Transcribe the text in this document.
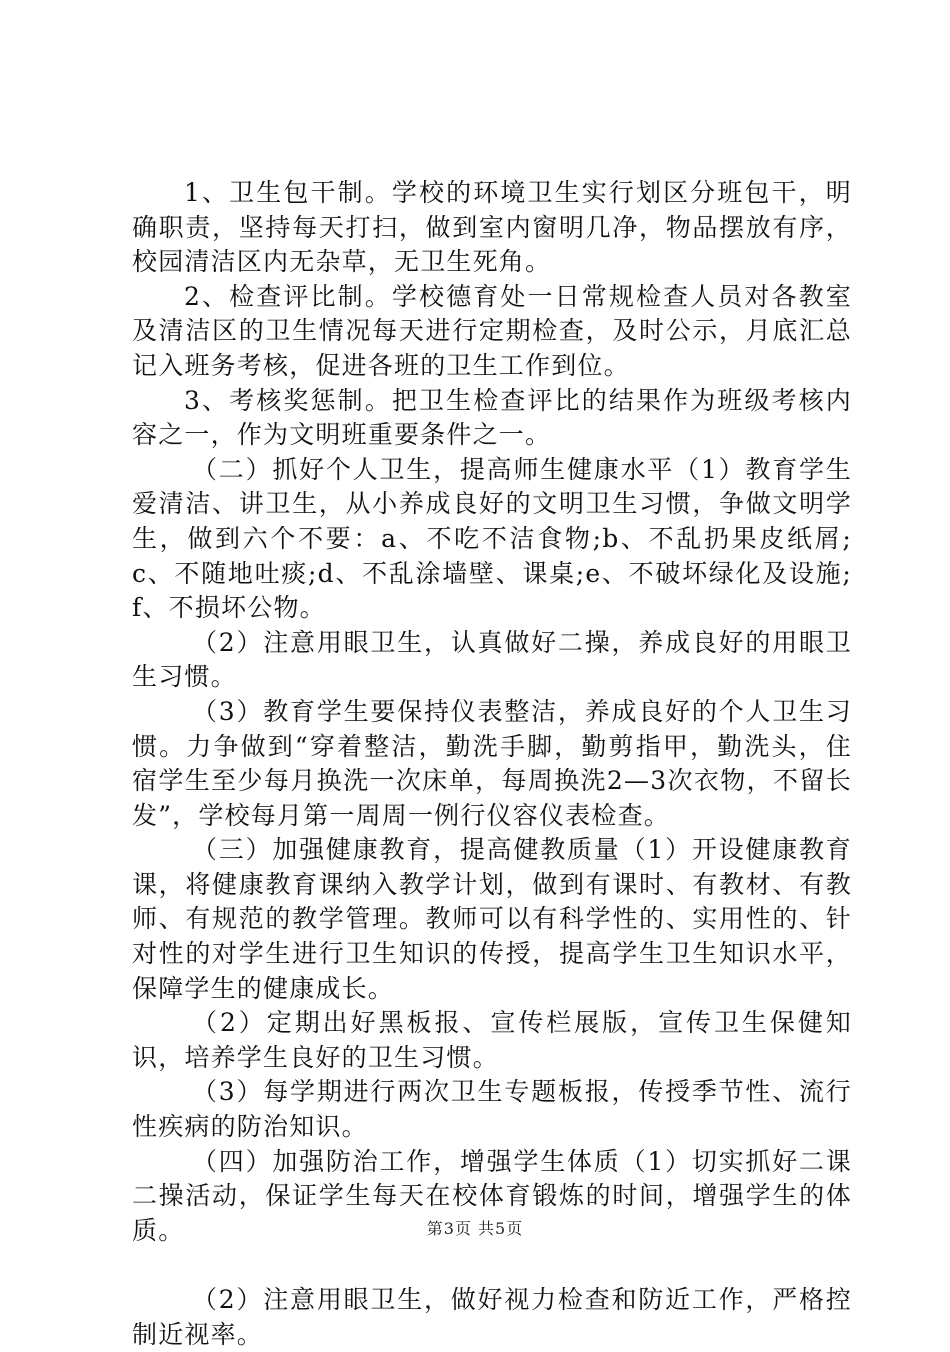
1、卫生包干制。学校的环境卫生实行划区分班包干，明确职责，坚持每天打扫，做到室内窗明几净，物品摆放有序，校园清洁区内无杂草，无卫生死角。

2、检查评比制。学校德育处一日常规检查人员对各教室及清洁区的卫生情况每天进行定期检查，及时公示，月底汇总记入班务考核，促进各班的卫生工作到位。

3、考核奖惩制。把卫生检查评比的结果作为班级考核内容之一，作为文明班重要条件之一。

（二）抓好个人卫生，提高师生健康水平（1）教育学生爱清洁、讲卫生，从小养成良好的文明卫生习惯，争做文明学生，做到六个不要：a、不吃不洁食物;b、不乱扔果皮纸屑;c、不随地吐痰;d、不乱涂墙壁、课桌;e、不破坏绿化及设施;f、不损坏公物。

（2）注意用眼卫生，认真做好二操，养成良好的用眼卫生习惯。

（3）教育学生要保持仪表整洁，养成良好的个人卫生习惯。力争做到“穿着整洁，勤洗手脚，勤剪指甲，勤洗头，住宿学生至少每月换洗一次床单，每周换洗2—3次衣物，不留长发”，学校每月第一周周一例行仪容仪表检查。

（三）加强健康教育，提高健教质量（1）开设健康教育课，将健康教育课纳入教学计划，做到有课时、有教材、有教师、有规范的教学管理。教师可以有科学性的、实用性的、针对性的对学生进行卫生知识的传授，提高学生卫生知识水平，保障学生的健康成长。

（2）定期出好黑板报、宣传栏展版，宣传卫生保健知识，培养学生良好的卫生习惯。

（3）每学期进行两次卫生专题板报，传授季节性、流行性疾病的防治知识。

（四）加强防治工作，增强学生体质（1）切实抓好二课二操活动，保证学生每天在校体育锻炼的时间，增强学生的体质。

（2）注意用眼卫生，做好视力检查和防近工作，严格控制近视率。

第3页 共5页
